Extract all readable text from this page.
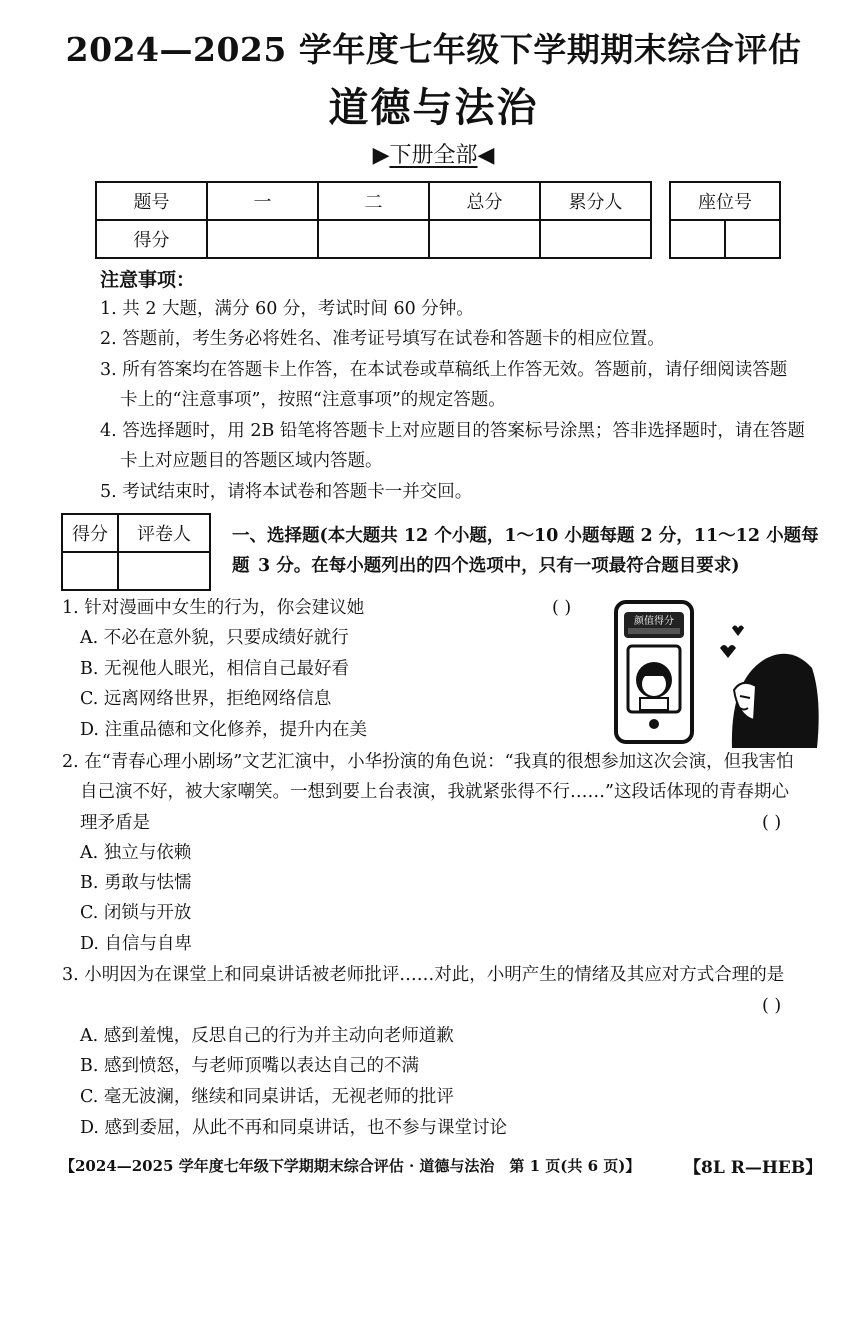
2024—2025 学年度七年级下学期期末综合评估
道德与法治
▶下册全部◀
题号	一	二	总分	累分人
得分				
座位号

注意事项：
1. 共 2 大题，满分 60 分，考试时间 60 分钟。
2. 答题前，考生务必将姓名、准考证号填写在试卷和答题卡的相应位置。
3. 所有答案均在答题卡上作答，在本试卷或草稿纸上作答无效。答题前，请仔细阅读答题
卡上的“注意事项”，按照“注意事项”的规定答题。
4. 答选择题时，用 2B 铅笔将答题卡上对应题目的答案标号涂黑；答非选择题时，请在答题
卡上对应题目的答题区域内答题。
5. 考试结束时，请将本试卷和答题卡一并交回。
得分	评卷人
	一、选择题(本大题共 12 个小题，1～10 小题每题 2 分，11～12 小题每题 3 分。在每小题列出的四个选项中，只有一项最符合题目要求)
1. 针对漫画中女生的行为，你会建议她	( )
A. 不必在意外貌，只要成绩好就行
B. 无视他人眼光，相信自己最好看
C. 远离网络世界，拒绝网络信息
D. 注重品德和文化修养，提升内在美
颜值得分
2. 在“青春心理小剧场”文艺汇演中，小华扮演的角色说：“我真的很想参加这次会演，但我害怕
自己演不好，被大家嘲笑。一想到要上台表演，我就紧张得不行……”这段话体现的青春期心
理矛盾是	( )
A. 独立与依赖
B. 勇敢与怯懦
C. 闭锁与开放
D. 自信与自卑
3. 小明因为在课堂上和同桌讲话被老师批评……对此，小明产生的情绪及其应对方式合理的是
( )
A. 感到羞愧，反思自己的行为并主动向老师道歉
B. 感到愤怒，与老师顶嘴以表达自己的不满
C. 毫无波澜，继续和同桌讲话，无视老师的批评
D. 感到委屈，从此不再和同桌讲话，也不参与课堂讨论
【2024—2025 学年度七年级下学期期末综合评估 · 道德与法治　第 1 页(共 6 页)】	【8L R—HEB】
